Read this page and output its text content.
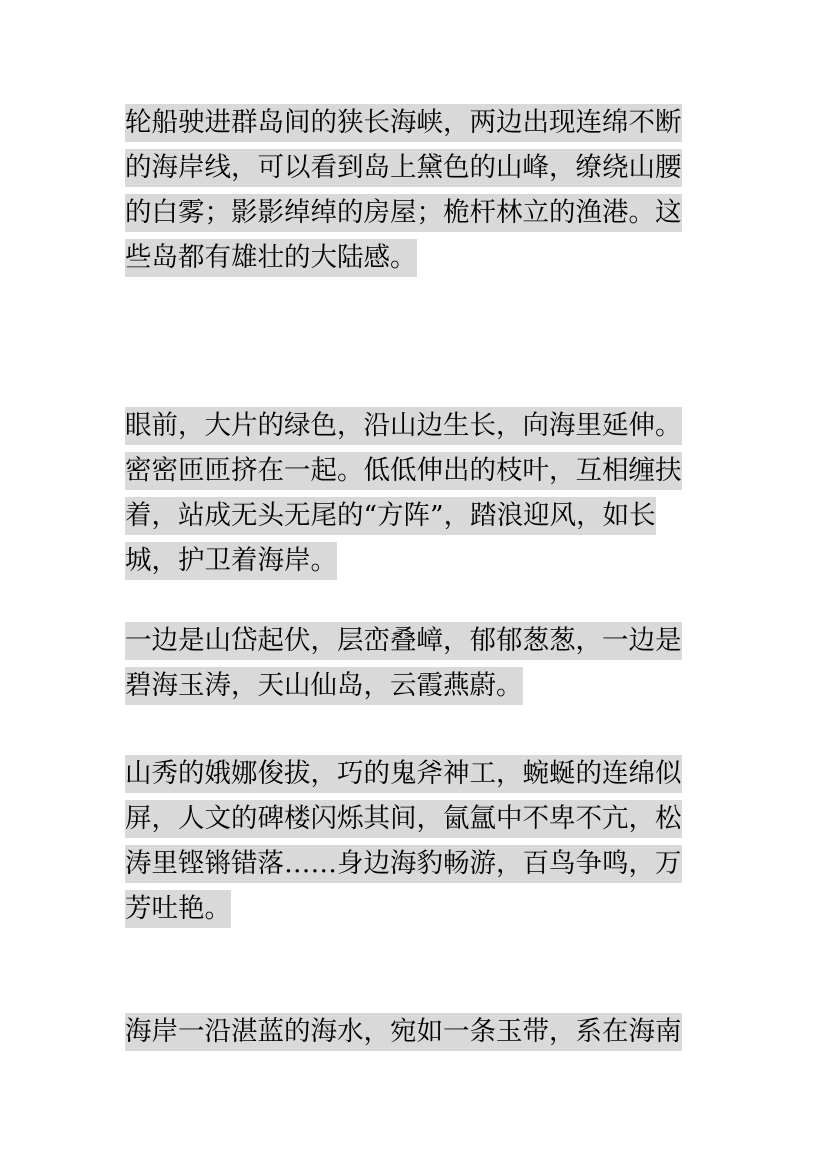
轮船驶进群岛间的狭长海峡，两边出现连绵不断
的海岸线，可以看到岛上黛色的山峰，缭绕山腰
的白雾；影影绰绰的房屋；桅杆林立的渔港。这
些岛都有雄壮的大陆感。
眼前，大片的绿色，沿山边生长，向海里延伸。
密密匝匝挤在一起。低低伸出的枝叶，互相缠扶
着，站成无头无尾的“方阵”，踏浪迎风，如长
城，护卫着海岸。
一边是山岱起伏，层峦叠嶂，郁郁葱葱，一边是
碧海玉涛，天山仙岛，云霞燕蔚。
山秀的娥娜俊拔，巧的鬼斧神工，蜿蜒的连绵似
屏，人文的碑楼闪烁其间，氤氲中不卑不亢，松
涛里铿锵错落……身边海豹畅游，百鸟争鸣，万
芳吐艳。
海岸一沿湛蓝的海水，宛如一条玉带，系在海南
